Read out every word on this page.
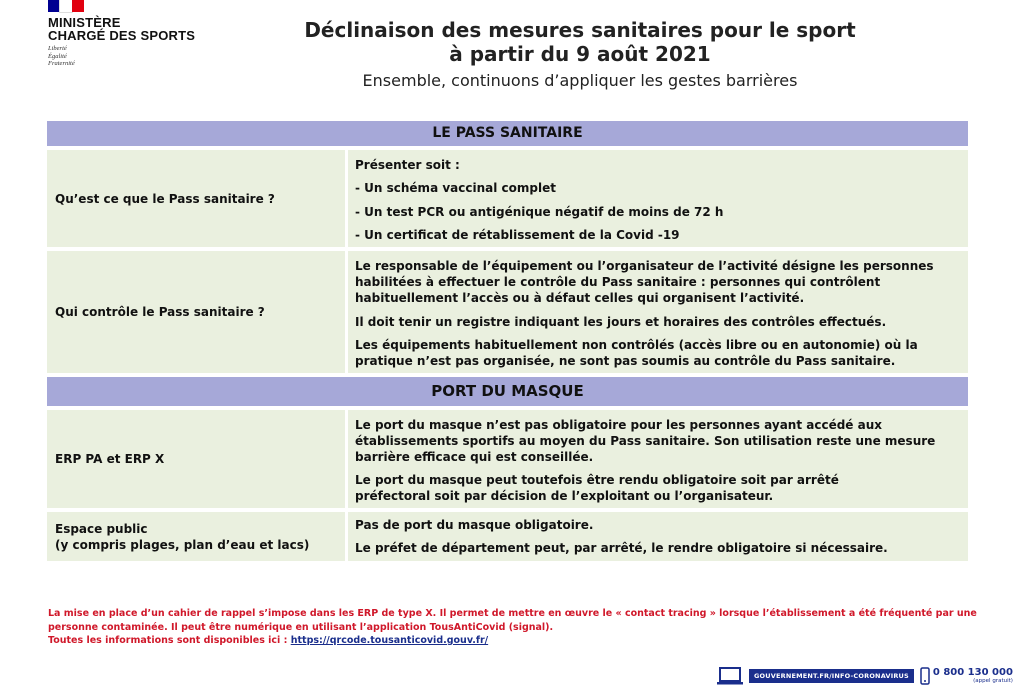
MINISTÈRE
CHARGÉ DES SPORTS
Liberté
Égalité
Fraternité
Déclinaison des mesures sanitaires pour le sport
à partir du 9 août 2021
Ensemble, continuons d’appliquer les gestes barrières
LE PASS SANITAIRE
Qu’est ce que le Pass sanitaire ?

Présenter soit :

- Un schéma vaccinal complet

- Un test PCR ou antigénique négatif de moins de 72 h

- Un certificat de rétablissement de la Covid -19

Qui contrôle le Pass sanitaire ?

Le responsable de l’équipement ou l’organisateur de l’activité désigne les personnes habilitées à effectuer le contrôle du Pass sanitaire : personnes qui contrôlent habituellement l’accès ou à défaut celles qui organisent l’activité.

Il doit tenir un registre indiquant les jours et horaires des contrôles effectués.

Les équipements habituellement non contrôlés (accès libre ou en autonomie) où la pratique n’est pas organisée, ne sont pas soumis au contrôle du Pass sanitaire.

PORT DU MASQUE
ERP PA et ERP X

Le port du masque n’est pas obligatoire pour les personnes ayant accédé aux établissements sportifs au moyen du Pass sanitaire. Son utilisation reste une mesure barrière efficace qui est conseillée.

Le port du masque peut toutefois être rendu obligatoire soit par arrêté préfectoral soit par décision de l’exploitant ou l’organisateur.

Espace public
(y compris plages, plan d’eau et lacs)

Pas de port du masque obligatoire.

Le préfet de département peut, par arrêté, le rendre obligatoire si nécessaire.

La mise en place d’un cahier de rappel s’impose dans les ERP de type X. Il permet de mettre en œuvre le « contact tracing » lorsque l’établissement a été fréquenté par une
personne contaminée. Il peut être numérique en utilisant l’application TousAntiCovid (signal).
Toutes les informations sont disponibles ici : https://qrcode.tousanticovid.gouv.fr/
GOUVERNEMENT.FR/INFO-CORONAVIRUS	0 800 130 000
(appel gratuit)
